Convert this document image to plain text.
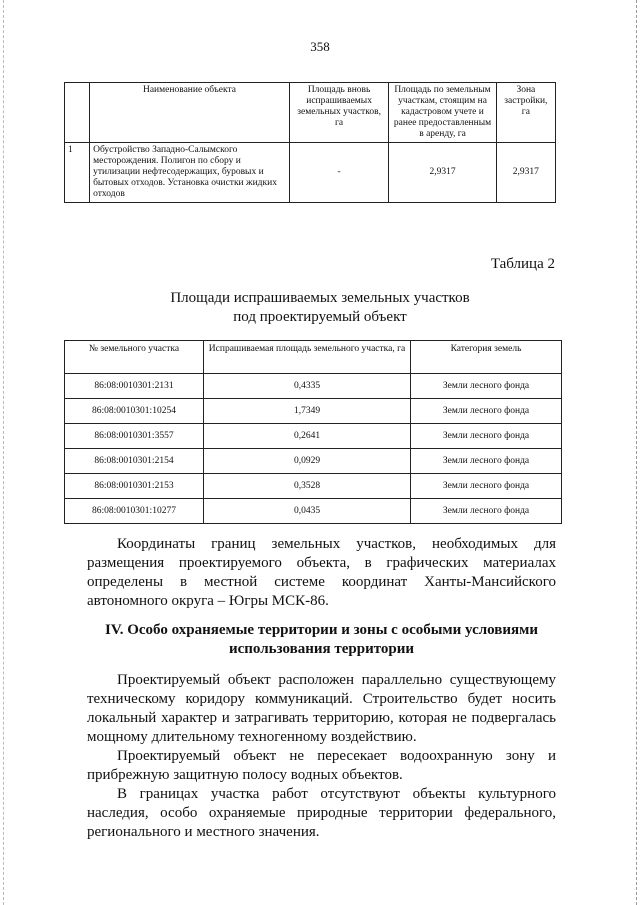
358
	Наименование объекта	Площадь вновь испрашиваемых земельных участков, га	Площадь по земельным участкам, стоящим на кадастровом учете и ранее предоставленным в аренду, га	Зона застройки, га
1	Обустройство Западно-Салымского месторождения. Полигон по сбору и утилизации нефтесодержащих, буровых и бытовых отходов. Установка очистки жидких отходов	-	2,9317	2,9317
Таблица 2
Площади испрашиваемых земельных участков
под проектируемый объект
№ земельного участка	Испрашиваемая площадь земельного участка, га	Категория земель
86:08:0010301:2131	0,4335	Земли лесного фонда
86:08:0010301:10254	1,7349	Земли лесного фонда
86:08:0010301:3557	0,2641	Земли лесного фонда
86:08:0010301:2154	0,0929	Земли лесного фонда
86:08:0010301:2153	0,3528	Земли лесного фонда
86:08:0010301:10277	0,0435	Земли лесного фонда
Координаты границ земельных участков, необходимых для размещения проектируемого объекта, в графических материалах определены в местной системе координат Ханты-Мансийского автономного округа – Югры МСК-86.
IV. Особо охраняемые территории и зоны с особыми условиями использования территории
Проектируемый объект расположен параллельно существующему техническому коридору коммуникаций. Строительство будет носить локальный характер и затрагивать территорию, которая не подвергалась мощному длительному техногенному воздействию.
Проектируемый объект не пересекает водоохранную зону и прибрежную защитную полосу водных объектов.
В границах участка работ отсутствуют объекты культурного наследия, особо охраняемые природные территории федерального, регионального и местного значения.
